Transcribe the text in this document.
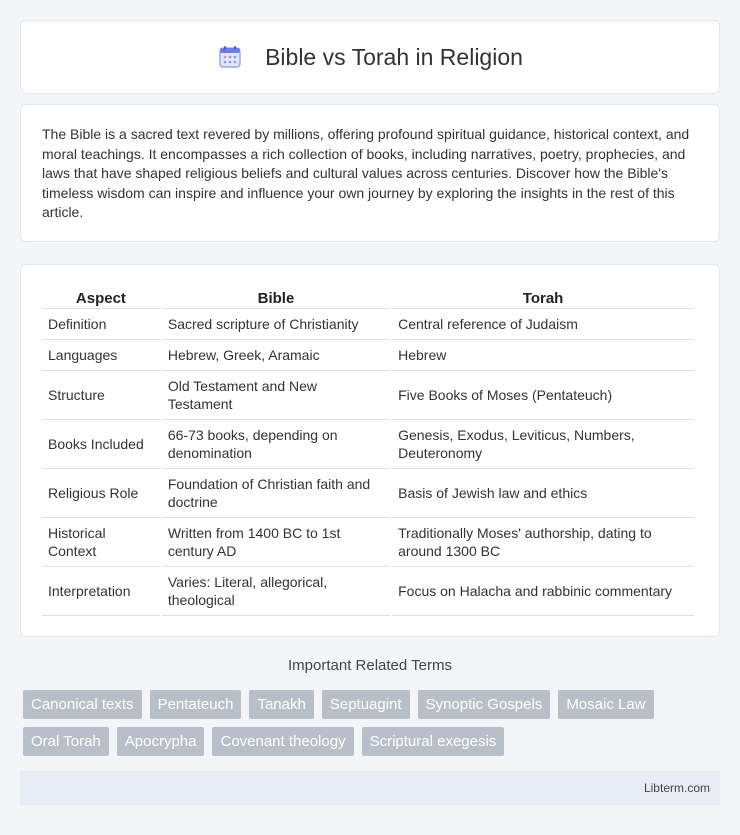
Bible vs Torah in Religion

The Bible is a sacred text revered by millions, offering profound spiritual guidance, historical context, and moral teachings. It encompasses a rich collection of books, including narratives, poetry, prophecies, and laws that have shaped religious beliefs and cultural values across centuries. Discover how the Bible's timeless wisdom can inspire and influence your own journey by exploring the insights in the rest of this article.

Aspect	Bible	Torah
Definition	Sacred scripture of Christianity	Central reference of Judaism
Languages	Hebrew, Greek, Aramaic	Hebrew
Structure	Old Testament and New Testament	Five Books of Moses (Pentateuch)
Books Included	66-73 books, depending on denomination	Genesis, Exodus, Leviticus, Numbers, Deuteronomy
Religious Role	Foundation of Christian faith and doctrine	Basis of Jewish law and ethics
Historical Context	Written from 1400 BC to 1st century AD	Traditionally Moses' authorship, dating to around 1300 BC
Interpretation	Varies: Literal, allegorical, theological	Focus on Halacha and rabbinic commentary
Important Related Terms
Canonical texts	Pentateuch	Tanakh	Septuagint	Synoptic Gospels	Mosaic Law
Oral Torah	Apocrypha	Covenant theology	Scriptural exegesis
Libterm.com
